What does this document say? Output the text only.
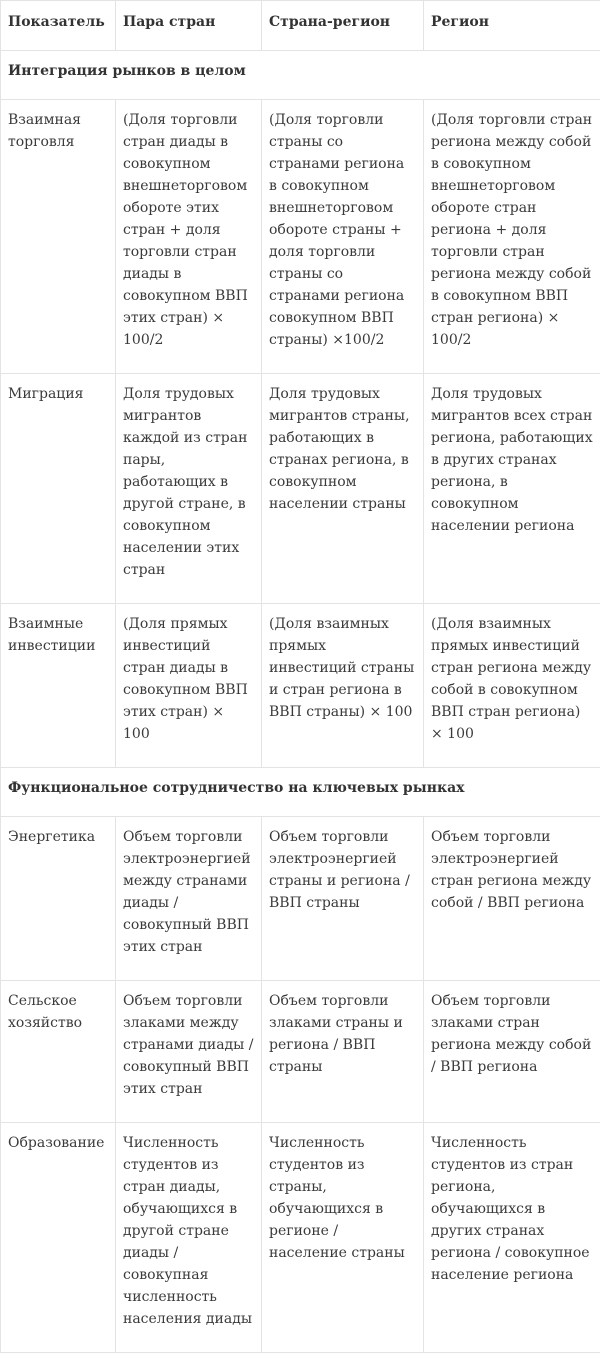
Показатель	Пара стран	Страна-регион	Регион
Интеграция рынков в целом			
Взаимная торговля	(Доля торговли стран диады в совокупном внешнеторговом обороте этих стран + доля торговли стран диады в совокупном ВВП этих стран) × 100/2	(Доля торговли страны со странами региона в совокупном внешнеторговом обороте страны + доля торговли страны со странами региона совокупном ВВП страны) ×100/2	(Доля торговли стран региона между собой в совокупном внешнеторговом обороте стран региона + доля торговли стран региона между собой в совокупном ВВП стран региона) × 100/2
Миграция	Доля трудовых мигрантов каждой из стран пары, работающих в другой стране, в совокупном населении этих стран	Доля трудовых мигрантов страны, работающих в странах региона, в совокупном населении страны	Доля трудовых мигрантов всех стран региона, работающих в других странах региона, в совокупном населении региона
Взаимные инвестиции	(Доля прямых инвестиций стран диады в совокупном ВВП этих стран) × 100	(Доля взаимных прямых инвестиций страны и стран региона в ВВП страны) × 100	(Доля взаимных прямых инвестиций стран региона между собой в совокупном ВВП стран региона) × 100
Функциональное сотрудничество на ключевых рынках			
Энергетика	Объем торговли электроэнергией между странами диады / совокупный ВВП этих стран	Объем торговли электроэнергией страны и региона / ВВП страны	Объем торговли электроэнергией стран региона между собой / ВВП региона
Сельское хозяйство	Объем торговли злаками между странами диады / совокупный ВВП этих стран	Объем торговли злаками страны и региона / ВВП страны	Объем торговли злаками стран региона между собой / ВВП региона
Образование	Численность студентов из стран диады, обучающихся в другой стране диады / совокупная численность населения диады	Численность студентов из страны, обучающихся в регионе / население страны	Численность студентов из стран региона, обучающихся в других странах региона / совокупное население региона
